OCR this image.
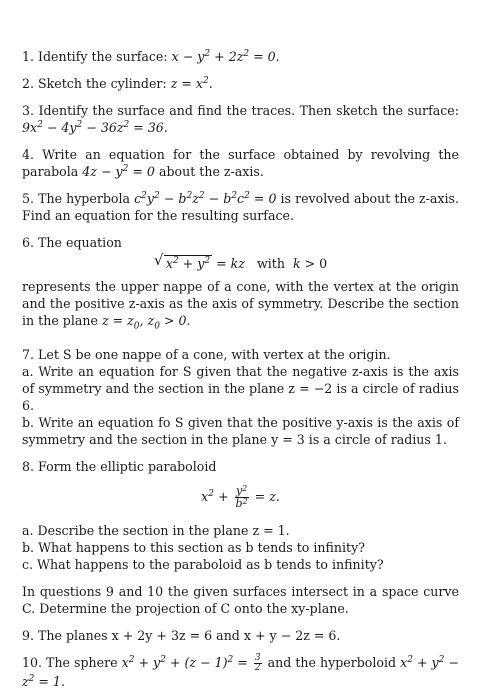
1. Identify the surface: $x - y^2 + 2z^2 = 0$.

2. Sketch the cylinder: $z = x^2$.

3. Identify the surface and find the traces. Then sketch the surface: $9x^2 - 4y^2 - 36z^2 = 36$.

4. Write an equation for the surface obtained by revolving the parabola $4z - y^2 = 0$ about the z-axis.

5. The hyperbola $c^2y^2 - b^2z^2 - b^2c^2 = 0$ is revolved about the z-axis. Find an equation for the resulting surface.

6. The equation

√ $x^2 + y^2$ = kz   with  k > 0

represents the upper nappe of a cone, with the vertex at the origin and the positive z-axis as the axis of symmetry. Describe the section in the plane $z = z_0$, $z_0 > 0$.

7. Let S be one nappe of a cone, with vertex at the origin.

a. Write an equation for S given that the negative z-axis is the axis of symmetry and the section in the plane z = −2 is a circle of radius 6.

b. Write an equation fo S given that the positive y-axis is the axis of symmetry and the section in the plane y = 3 is a circle of radius 1.

8. Form the elliptic paraboloid

$x^2 + \frac{y^2}{b^2} = z$.

a. Describe the section in the plane z = 1.

b. What happens to this section as b tends to infinity?

c. What happens to the paraboloid as b tends to infinity?

In questions 9 and 10 the given surfaces intersect in a space curve C. Determine the projection of C onto the xy-plane.

9. The planes x + 2y + 3z = 6 and x + y − 2z = 6.

10. The sphere $x^2 + y^2 + (z - 1)^2 = \frac{3}{2}$ and the hyperboloid $x^2 + y^2 - z^2 = 1$.
